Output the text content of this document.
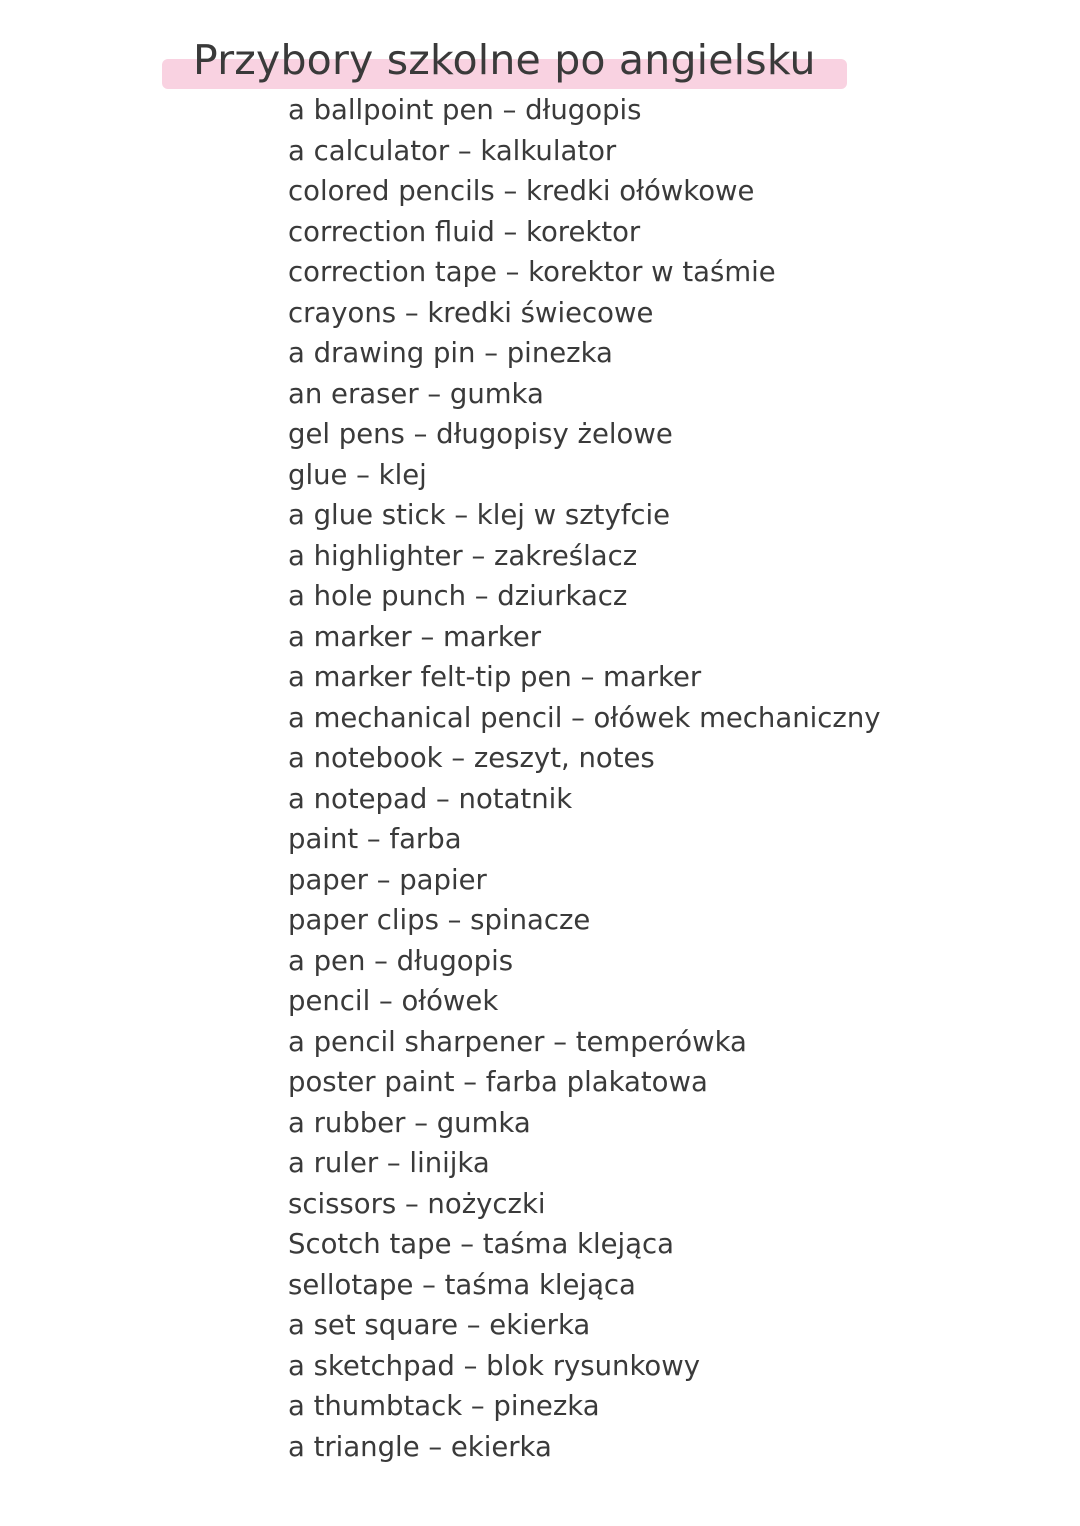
Przybory szkolne po angielsku
a ballpoint pen – długopis
a calculator – kalkulator
colored pencils – kredki ołówkowe
correction fluid – korektor
correction tape – korektor w taśmie
crayons – kredki świecowe
a drawing pin – pinezka
an eraser – gumka
gel pens – długopisy żelowe
glue – klej
a glue stick – klej w sztyfcie
a highlighter – zakreślacz
a hole punch – dziurkacz
a marker – marker
a marker felt-tip pen – marker
a mechanical pencil – ołówek mechaniczny
a notebook – zeszyt, notes
a notepad – notatnik
paint – farba
paper – papier
paper clips – spinacze
a pen – długopis
pencil – ołówek
a pencil sharpener – temperówka
poster paint – farba plakatowa
a rubber – gumka
a ruler – linijka
scissors – nożyczki
Scotch tape – taśma klejąca
sellotape – taśma klejąca
a set square – ekierka
a sketchpad – blok rysunkowy
a thumbtack – pinezka
a triangle – ekierka
